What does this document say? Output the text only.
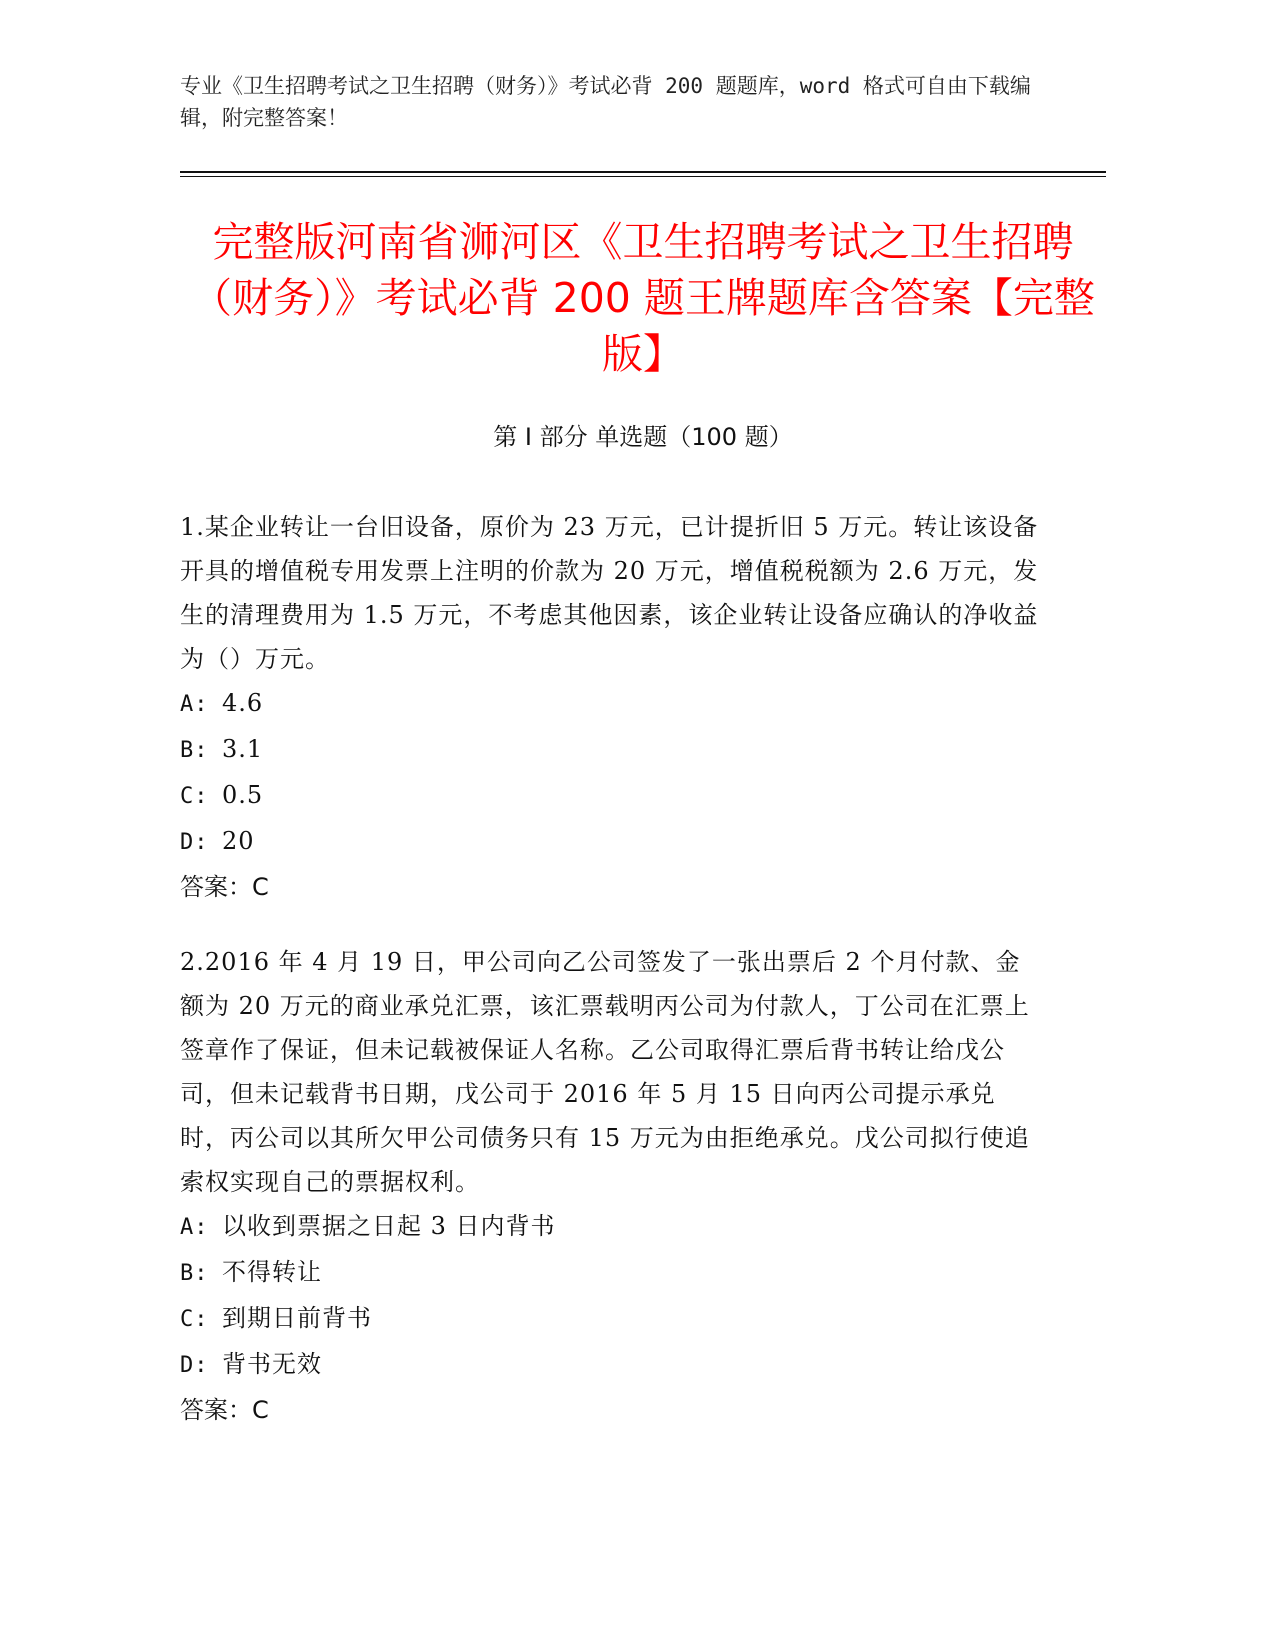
专业《卫生招聘考试之卫生招聘（财务）》考试必背 200 题题库，word 格式可自由下载编辑，附完整答案！
完整版河南省浉河区《卫生招聘考试之卫生招聘（财务）》考试必背 200 题王牌题库含答案【完整版】
第 I 部分 单选题（100 题）
1.某企业转让一台旧设备，原价为 23 万元，已计提折旧 5 万元。转让该设备开具的增值税专用发票上注明的价款为 20 万元，增值税税额为 2.6 万元，发生的清理费用为 1.5 万元，不考虑其他因素，该企业转让设备应确认的净收益为（）万元。
A: 4.6
B: 3.1
C: 0.5
D: 20
答案：C
2.2016 年 4 月 19 日，甲公司向乙公司签发了一张出票后 2 个月付款、金额为 20 万元的商业承兑汇票，该汇票载明丙公司为付款人，丁公司在汇票上签章作了保证，但未记载被保证人名称。乙公司取得汇票后背书转让给戊公司，但未记载背书日期，戊公司于 2016 年 5 月 15 日向丙公司提示承兑时，丙公司以其所欠甲公司债务只有 15 万元为由拒绝承兑。戊公司拟行使追索权实现自己的票据权利。
A: 以收到票据之日起 3 日内背书
B: 不得转让
C: 到期日前背书
D: 背书无效
答案：C
